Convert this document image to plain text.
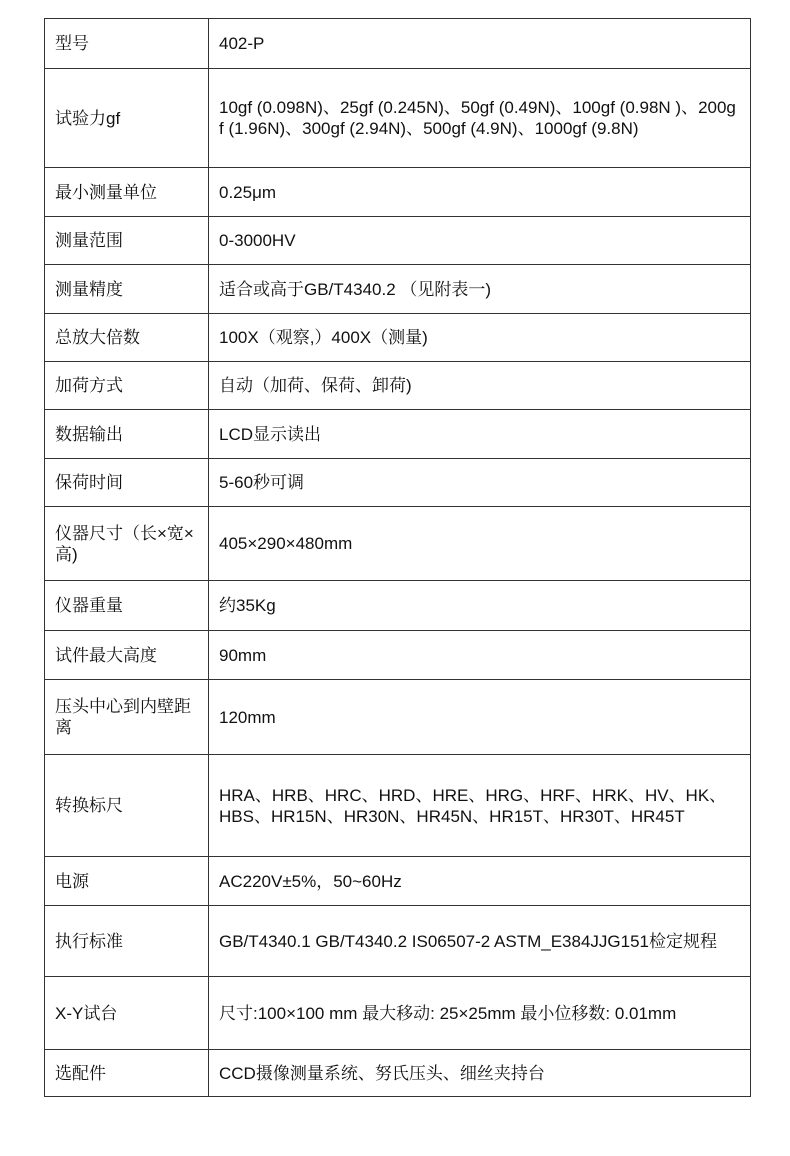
型号	402-P
试验力gf	10gf (0.098N)、25gf (0.245N)、50gf (0.49N)、100gf (0.98N )、200gf (1.96N)、300gf (2.94N)、500gf (4.9N)、1000gf (9.8N)
最小测量单位	0.25μm
测量范围	0-3000HV
测量精度	适合或高于GB/T4340.2 （见附表一)
总放大倍数	100X（观察,）400X（测量)
加荷方式	自动（加荷、保荷、卸荷)
数据输出	LCD显示读出
保荷时间	5-60秒可调
仪器尺寸（长×宽×高)	405×290×480mm
仪器重量	约35Kg
试件最大高度	90mm
压头中心到内壁距离	120mm
转换标尺	HRA、HRB、HRC、HRD、HRE、HRG、HRF、HRK、HV、HK、HBS、HR15N、HR30N、HR45N、HR15T、HR30T、HR45T
电源	AC220V±5%，50~60Hz
执行标准	GB/T4340.1 GB/T4340.2 IS06507-2 ASTM_E384JJG151检定规程
X-Y试台	尺寸:100×100 mm 最大移动: 25×25mm 最小位移数: 0.01mm
选配件	CCD摄像测量系统、努氏压头、细丝夹持台
